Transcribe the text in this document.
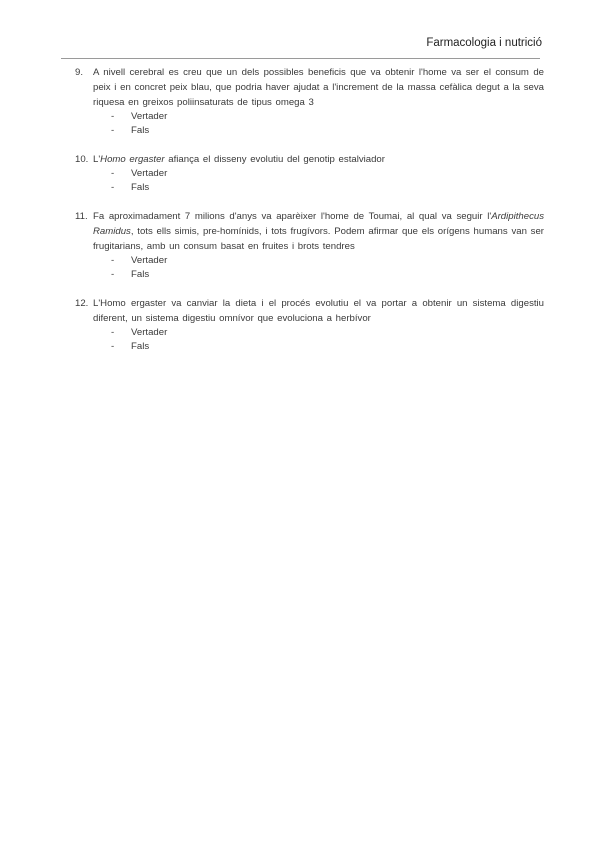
Farmacologia i nutrició
9. A nivell cerebral es creu que un dels possibles beneficis que va obtenir l'home va ser el consum de peix i en concret peix blau, que podria haver ajudat a l'increment de la massa cefàlica degut a la seva riquesa en greixos poliinsaturats de tipus omega 3
- Vertader
- Fals
10. L'Homo ergaster afiança el disseny evolutiu del genotip estalviador
- Vertader
- Fals
11. Fa aproximadament 7 milions d'anys va aparèixer l'home de Toumai, al qual va seguir l'Ardipithecus Ramidus, tots ells simis, pre-homínids, i tots frugívors. Podem afirmar que els orígens humans van ser frugitarians, amb un consum basat en fruites i brots tendres
- Vertader
- Fals
12. L'Homo ergaster va canviar la dieta i el procés evolutiu el va portar a obtenir un sistema digestiu diferent, un sistema digestiu omnívor que evoluciona a herbívor
- Vertader
- Fals
